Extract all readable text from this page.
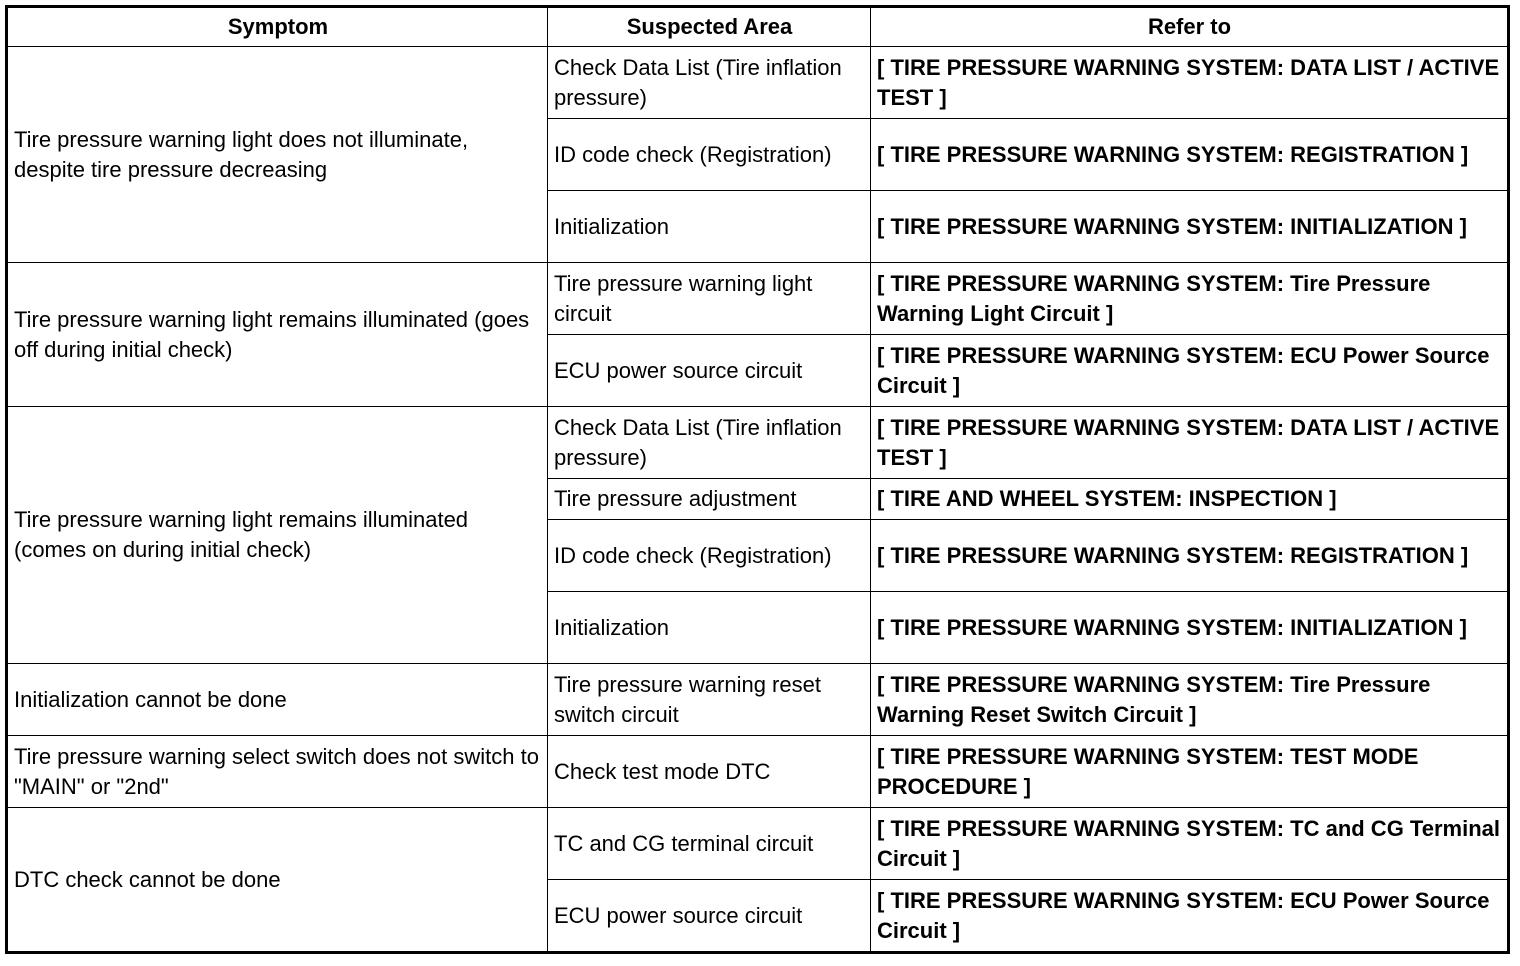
Symptom	Suspected Area	Refer to
Tire pressure warning light does not illuminate, despite tire pressure decreasing	Check Data List (Tire inflation pressure)	[ TIRE PRESSURE WARNING SYSTEM: DATA LIST / ACTIVE TEST ]
	ID code check (Registration)	[ TIRE PRESSURE WARNING SYSTEM: REGISTRATION ]
	Initialization	[ TIRE PRESSURE WARNING SYSTEM: INITIALIZATION ]
Tire pressure warning light remains illuminated (goes off during initial check)	Tire pressure warning light circuit	[ TIRE PRESSURE WARNING SYSTEM: Tire Pressure Warning Light Circuit ]
	ECU power source circuit	[ TIRE PRESSURE WARNING SYSTEM: ECU Power Source Circuit ]
Tire pressure warning light remains illuminated (comes on during initial check)	Check Data List (Tire inflation pressure)	[ TIRE PRESSURE WARNING SYSTEM: DATA LIST / ACTIVE TEST ]
	Tire pressure adjustment	[ TIRE AND WHEEL SYSTEM: INSPECTION ]
	ID code check (Registration)	[ TIRE PRESSURE WARNING SYSTEM: REGISTRATION ]
	Initialization	[ TIRE PRESSURE WARNING SYSTEM: INITIALIZATION ]
Initialization cannot be done	Tire pressure warning reset switch circuit	[ TIRE PRESSURE WARNING SYSTEM: Tire Pressure Warning Reset Switch Circuit ]
Tire pressure warning select switch does not switch to "MAIN" or "2nd"	Check test mode DTC	[ TIRE PRESSURE WARNING SYSTEM: TEST MODE PROCEDURE ]
DTC check cannot be done	TC and CG terminal circuit	[ TIRE PRESSURE WARNING SYSTEM: TC and CG Terminal Circuit ]
	ECU power source circuit	[ TIRE PRESSURE WARNING SYSTEM: ECU Power Source Circuit ]
